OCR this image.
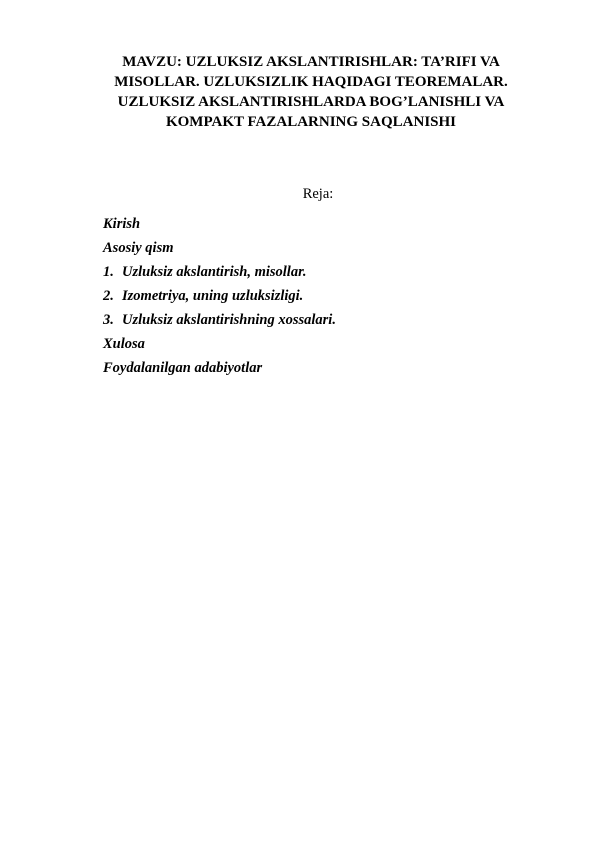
MAVZU: UZLUKSIZ AKSLANTIRISHLAR: TA’RIFI VA
MISOLLAR. UZLUKSIZLIK HAQIDAGI TEOREMALAR.
UZLUKSIZ AKSLANTIRISHLARDA BOG’LANISHLI VA
KOMPAKT FAZALARNING SAQLANISHI
Reja:
Kirish
Asosiy qism
1. Uzluksiz akslantirish, misollar.
2. Izometriya, uning uzluksizligi.
3. Uzluksiz akslantirishning xossalari.
Xulosa
Foydalanilgan adabiyotlar
